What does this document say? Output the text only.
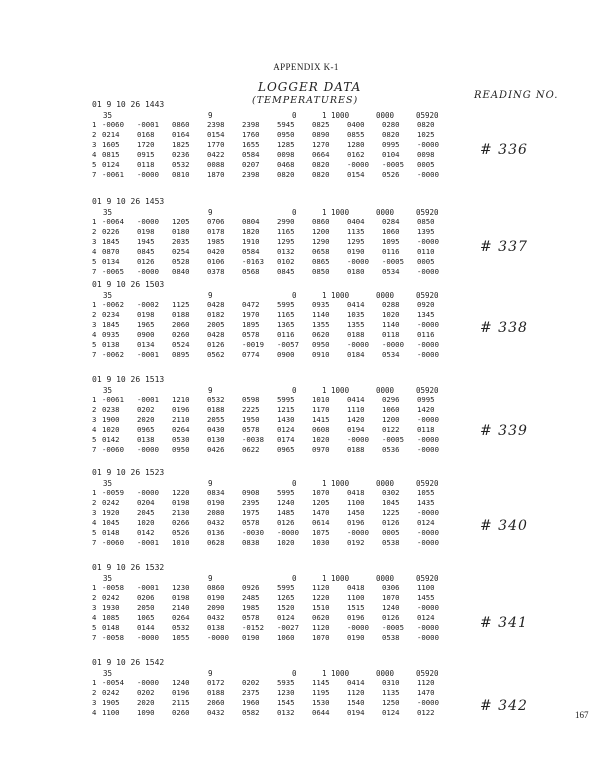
APPENDIX K-1
LOGGER DATA
(TEMPERATURES)	READING NO.
01 9 10 26 1443
35	9	0	1 1000	0000	05920
1 -0060	-0001	0860	2398	2398	5945	0825	0400	0280	0820
2 0214	0168	0164	0154	1760	0950	0890	0855	0820	1025
3 1605	1720	1825	1770	1655	1285	1270	1280	0995	-0000
4 0815	0915	0236	0422	0584	0098	0664	0162	0104	0098
5 0124	0118	0532	0088	0207	0468	0820	-0000	-0005	0005
7 -0061	-0000	0810	1870	2398	0820	0820	0154	0526	-0000
# 336
01 9 10 26 1453
35	9	0	1 1000	0000	05920
1 -0064	-0000	1205	0706	0804	2990	0860	0404	0284	0850
2 0226	0198	0180	0178	1820	1165	1200	1135	1060	1395
3 1845	1945	2035	1985	1910	1295	1290	1295	1095	-0000
4 0870	0845	0254	0420	0584	0132	0658	0190	0116	0110
5 0134	0126	0528	0106	-0163	0102	0865	-0000	-0005	0005
7 -0065	-0000	0840	0378	0568	0845	0850	0180	0534	-0000
# 337
01 9 10 26 1503
35	9	0	1 1000	0000	05920
1 -0062	-0002	1125	0428	0472	5995	0935	0414	0288	0920
2 0234	0198	0188	0182	1970	1165	1140	1035	1020	1345
3 1845	1965	2060	2005	1895	1365	1355	1355	1140	-0000
4 0935	0900	0260	0428	0578	0116	0620	0188	0118	0116
5 0138	0134	0524	0126	-0019	-0057	0950	-0000	-0000	-0000
7 -0062	-0001	0895	0562	0774	0900	0910	0184	0534	-0000
# 338
01 9 10 26 1513
35	9	0	1 1000	0000	05920
1 -0061	-0001	1210	0532	0598	5995	1010	0414	0296	0995
2 0238	0202	0196	0188	2225	1215	1170	1110	1060	1420
3 1900	2020	2110	2055	1950	1430	1415	1420	1200	-0000
4 1020	0965	0264	0430	0578	0124	0608	0194	0122	0118
5 0142	0138	0530	0130	-0038	0174	1020	-0000	-0005	-0000
7 -0060	-0000	0950	0426	0622	0965	0970	0188	0536	-0000
# 339
01 9 10 26 1523
35	9	0	1 1000	0000	05920
1 -0059	-0000	1220	0834	0908	5995	1070	0418	0302	1055
2 0242	0204	0198	0190	2395	1240	1205	1100	1045	1435
3 1920	2045	2130	2080	1975	1485	1470	1450	1225	-0000
4 1045	1020	0266	0432	0578	0126	0614	0196	0126	0124
5 0148	0142	0526	0136	-0030	-0000	1075	-0000	0005	-0000
7 -0060	-0001	1010	0628	0838	1020	1030	0192	0538	-0000
# 340
01 9 10 26 1532
35	9	0	1 1000	0000	05920
1 -0058	-0001	1230	0860	0926	5995	1120	0418	0306	1100
2 0242	0206	0198	0190	2485	1265	1220	1100	1070	1455
3 1930	2050	2140	2090	1985	1520	1510	1515	1240	-0000
4 1085	1065	0264	0432	0578	0124	0620	0196	0126	0124
5 0148	0144	0532	0138	-0152	-0027	1120	-0000	-0005	-0000
7 -0058	-0000	1055	-0000	0190	1060	1070	0190	0538	-0000
# 341
01 9 10 26 1542
35	9	0	1 1000	0000	05920
1 -0054	-0000	1240	0172	0202	5935	1145	0414	0310	1120
2 0242	0202	0196	0188	2375	1230	1195	1120	1135	1470
3 1905	2020	2115	2060	1960	1545	1530	1540	1250	-0000
4 1100	1090	0260	0432	0582	0132	0644	0194	0124	0122	# 342
167
